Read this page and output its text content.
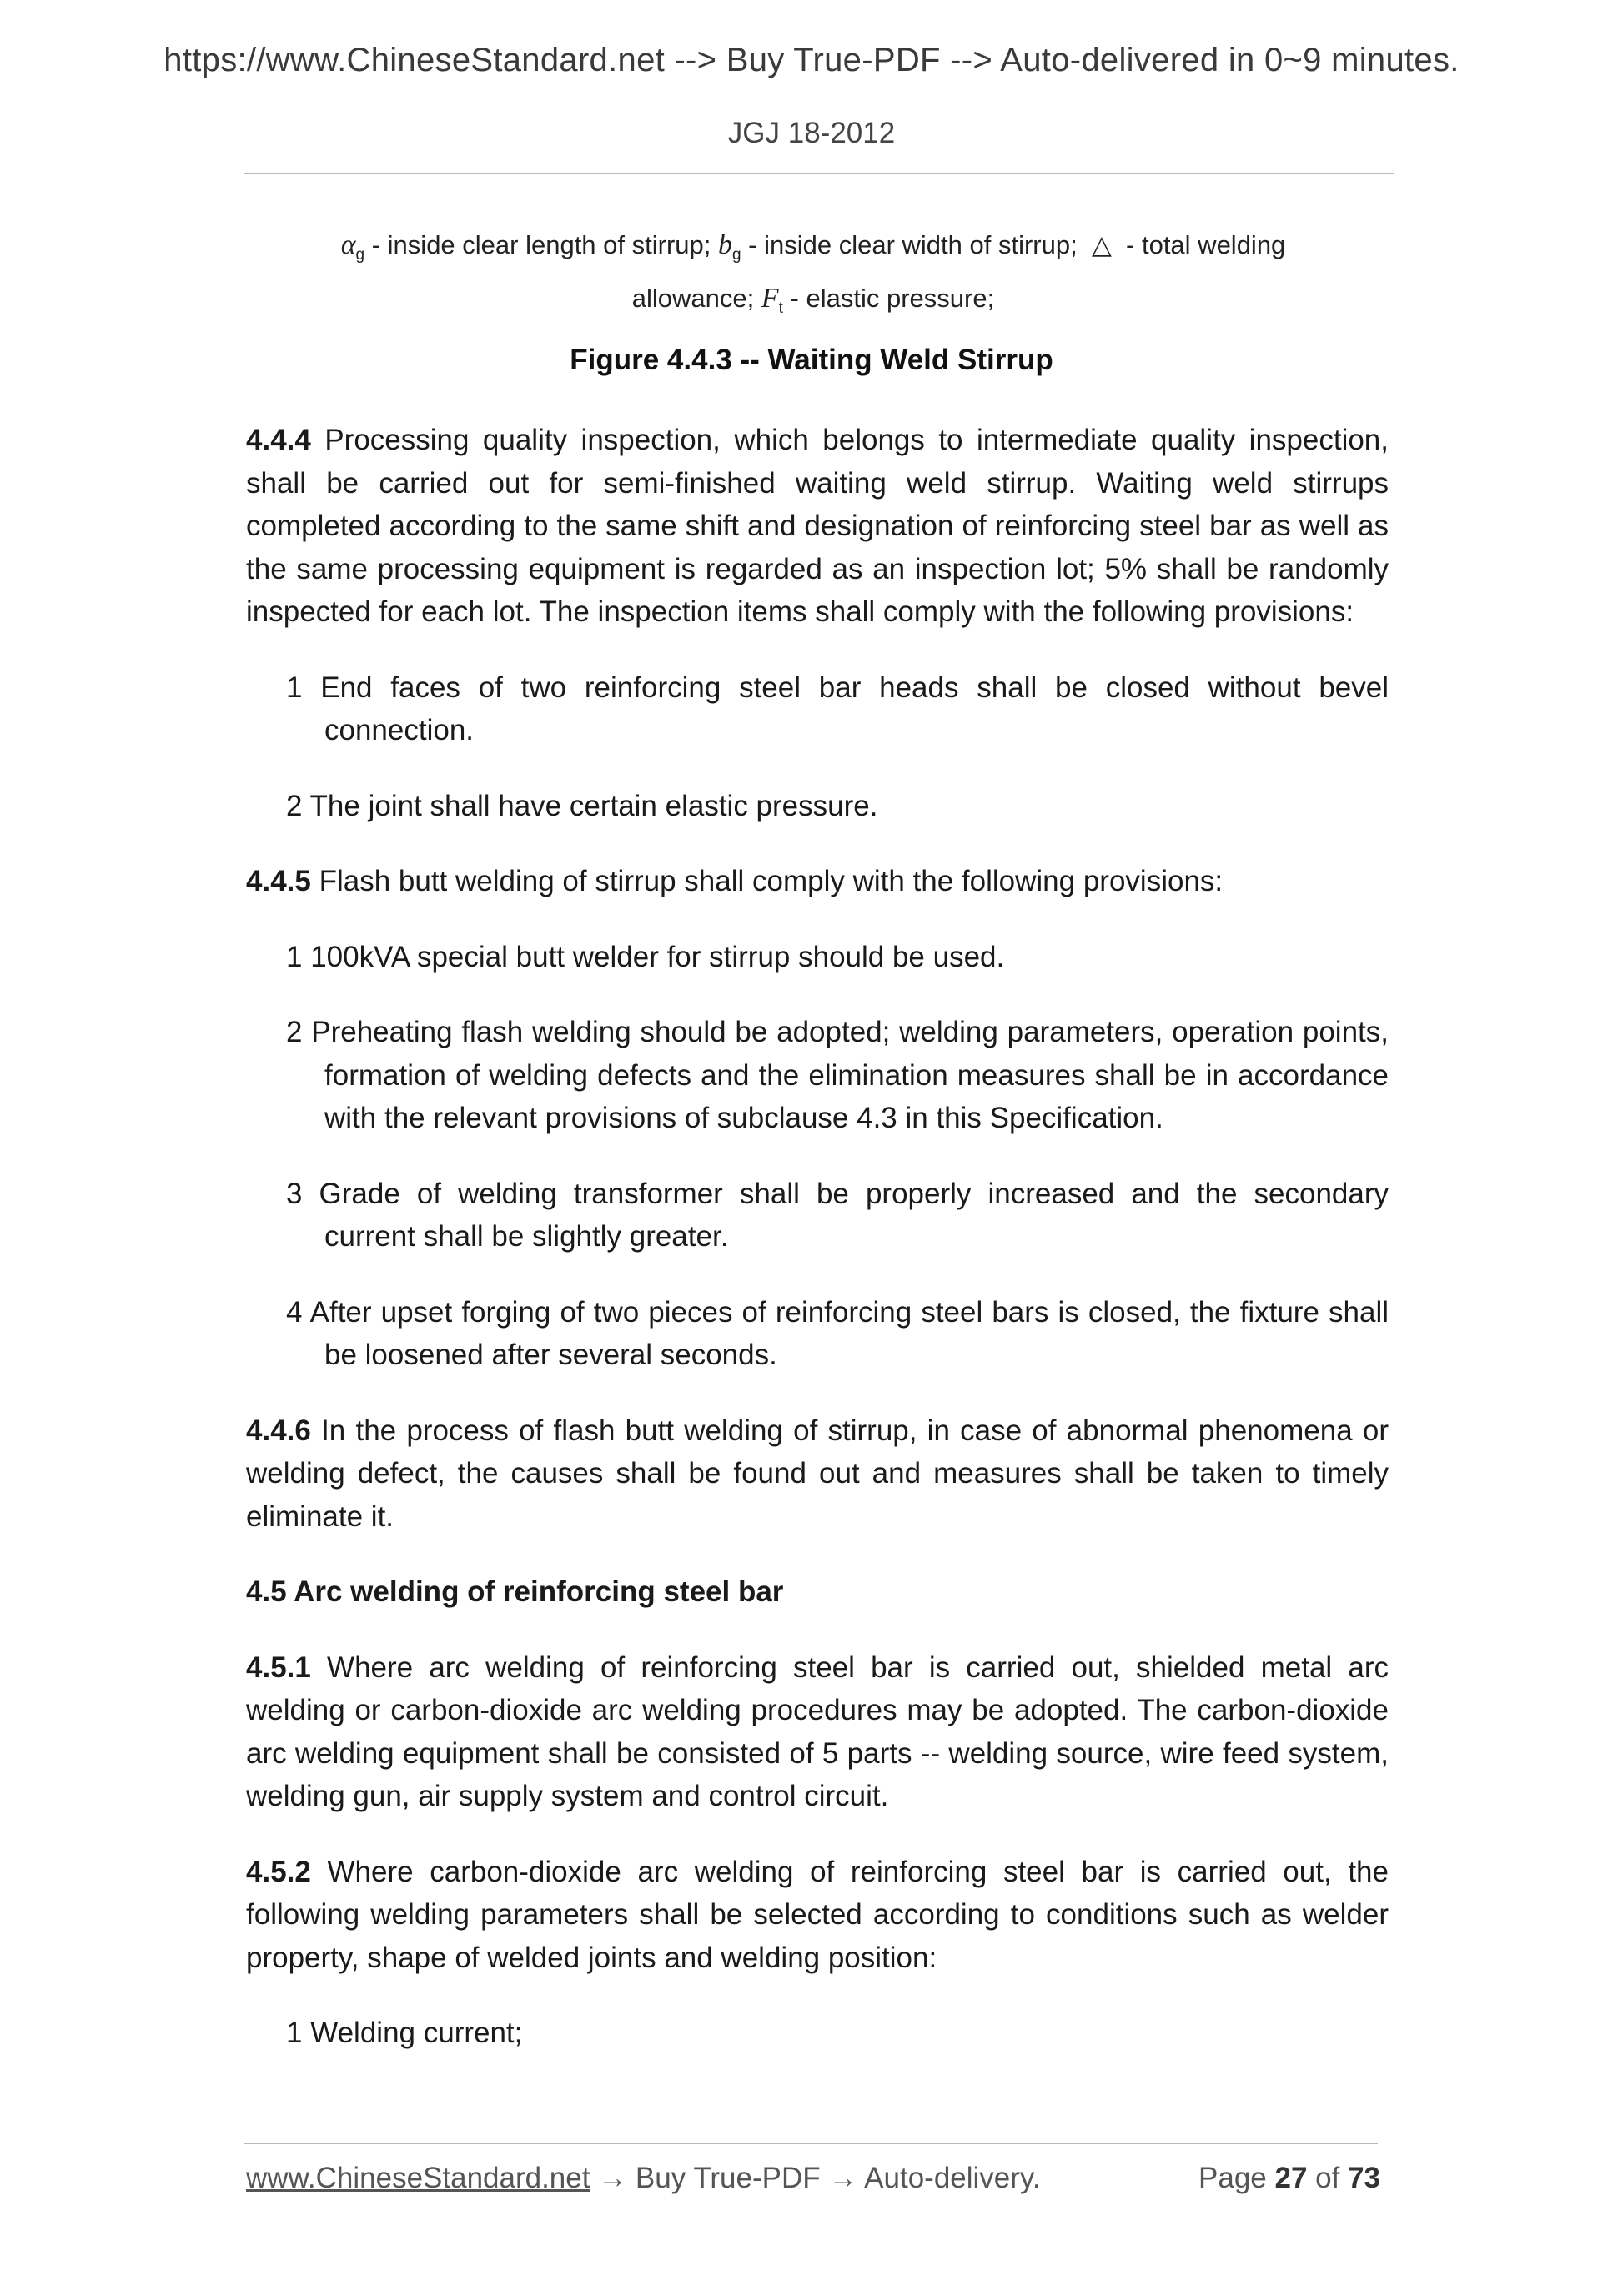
https://www.ChineseStandard.net --> Buy True-PDF --> Auto-delivered in 0~9 minutes.
JGJ 18-2012
$\alpha_g$ - inside clear length of stirrup; $b_g$ - inside clear width of stirrup;  △  - total welding allowance; $F_t$ - elastic pressure;
Figure 4.4.3 -- Waiting Weld Stirrup

4.4.4 Processing quality inspection, which belongs to intermediate quality inspection, shall be carried out for semi-finished waiting weld stirrup. Waiting weld stirrups completed according to the same shift and designation of reinforcing steel bar as well as the same processing equipment is regarded as an inspection lot; 5% shall be randomly inspected for each lot. The inspection items shall comply with the following provisions:

1 End faces of two reinforcing steel bar heads shall be closed without bevel connection.

2 The joint shall have certain elastic pressure.

4.4.5 Flash butt welding of stirrup shall comply with the following provisions:

1 100kVA special butt welder for stirrup should be used.

2 Preheating flash welding should be adopted; welding parameters, operation points, formation of welding defects and the elimination measures shall be in accordance with the relevant provisions of subclause 4.3 in this Specification.

3 Grade of welding transformer shall be properly increased and the secondary current shall be slightly greater.

4 After upset forging of two pieces of reinforcing steel bars is closed, the fixture shall be loosened after several seconds.

4.4.6 In the process of flash butt welding of stirrup, in case of abnormal phenomena or welding defect, the causes shall be found out and measures shall be taken to timely eliminate it.

4.5 Arc welding of reinforcing steel bar

4.5.1 Where arc welding of reinforcing steel bar is carried out, shielded metal arc welding or carbon-dioxide arc welding procedures may be adopted. The carbon-dioxide arc welding equipment shall be consisted of 5 parts -- welding source, wire feed system, welding gun, air supply system and control circuit.

4.5.2 Where carbon-dioxide arc welding of reinforcing steel bar is carried out, the following welding parameters shall be selected according to conditions such as welder property, shape of welded joints and welding position:

1 Welding current;

www.ChineseStandard.net → Buy True-PDF → Auto-delivery.	Page 27 of 73
